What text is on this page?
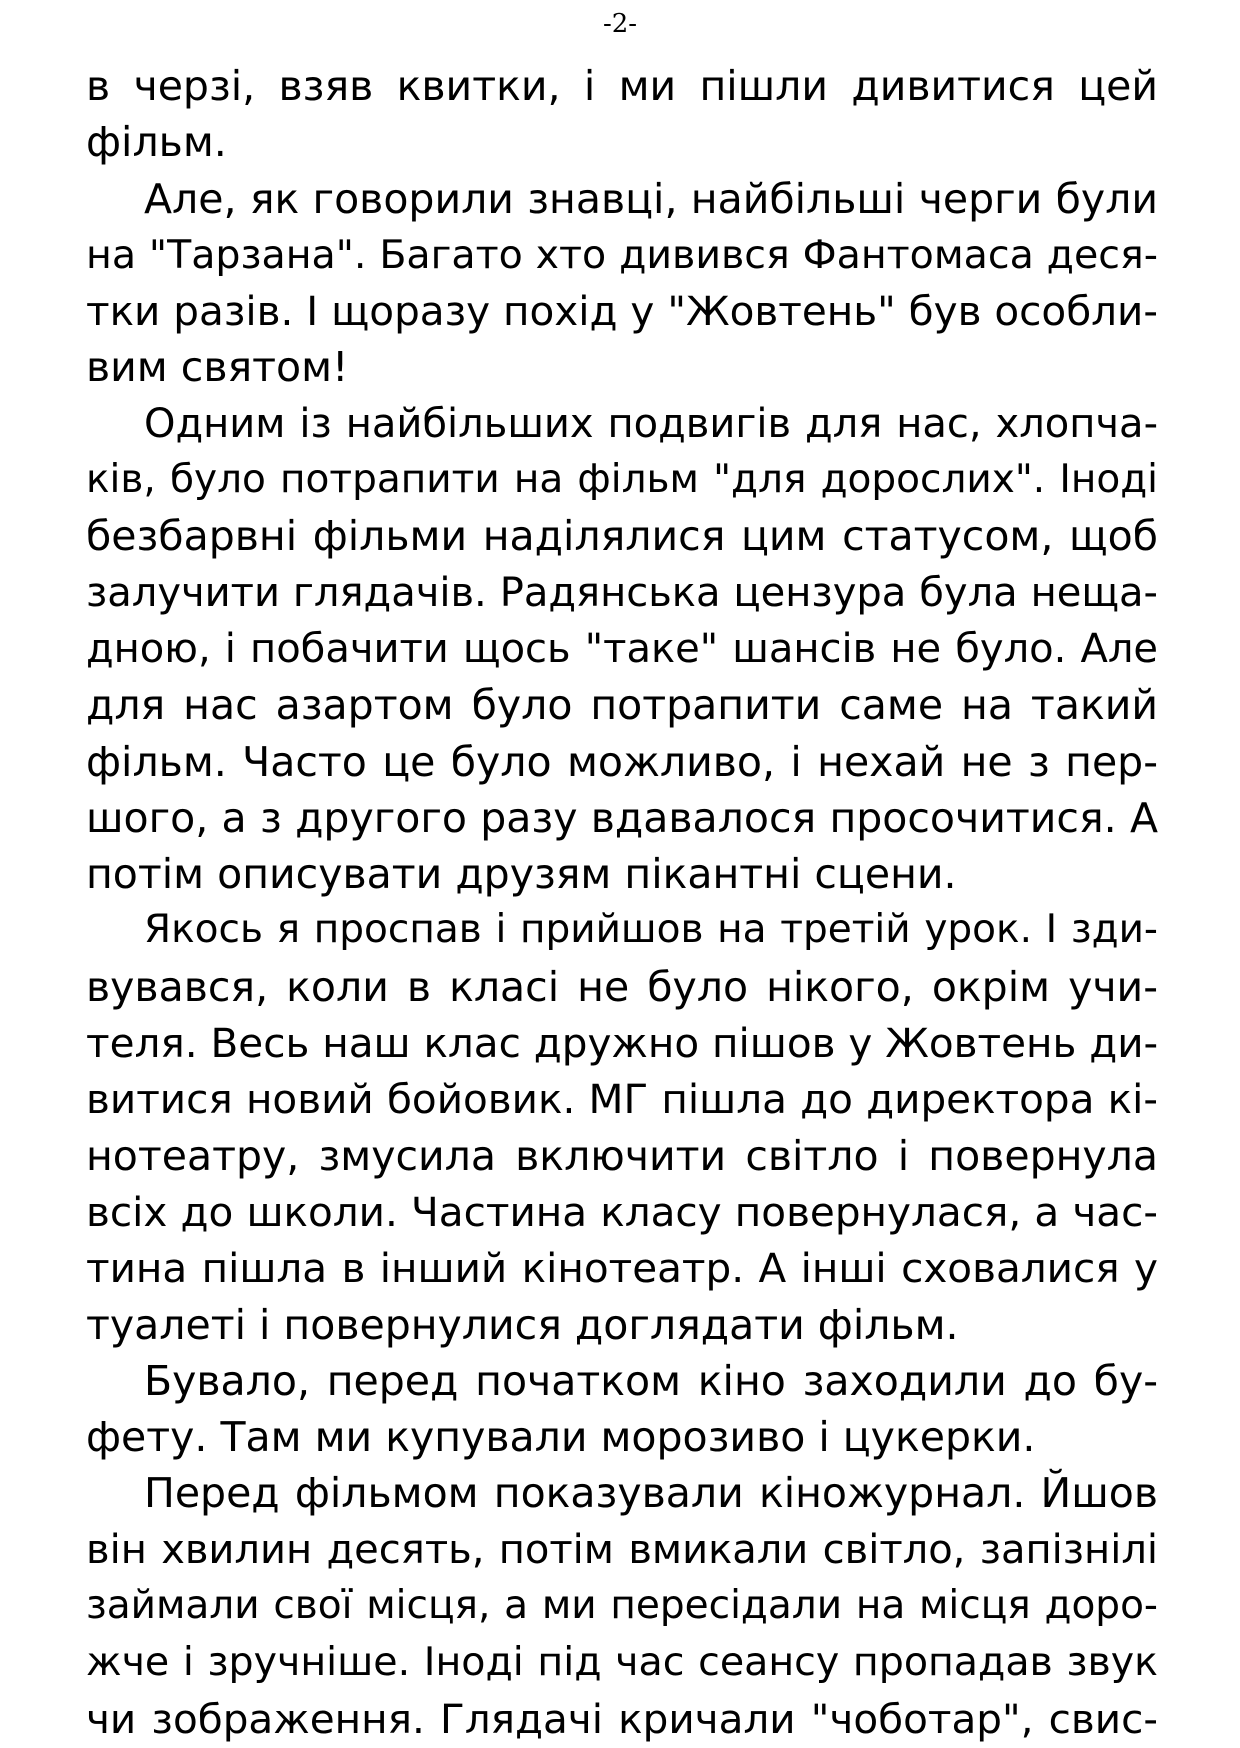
-2-
в черзі, взяв квитки, і ми пішли дивитися цей
фільм.
Але, як говорили знавці, найбільші черги були
на "Тарзана". Багато хто дивився Фантомаса деся-
тки разів. І щоразу похід у "Жовтень" був особли-
вим святом!
Одним із найбільших подвигів для нас, хлопча-
ків, було потрапити на фільм "для дорослих". Іноді
безбарвні фільми наділялися цим статусом, щоб
залучити глядачів. Радянська цензура була неща-
дною, і побачити щось "таке" шансів не було. Але
для нас азартом було потрапити саме на такий
фільм. Часто це було можливо, і нехай не з пер-
шого, а з другого разу вдавалося просочитися. А
потім описувати друзям пікантні сцени.
Якось я проспав і прийшов на третій урок. І зди-
вувався, коли в класі не було нікого, окрім учи-
теля. Весь наш клас дружно пішов у Жовтень ди-
витися новий бойовик. МГ пішла до директора кі-
нотеатру, змусила включити світло і повернула
всіх до школи. Частина класу повернулася, а час-
тина пішла в інший кінотеатр. А інші сховалися у
туалеті і повернулися доглядати фільм.
Бувало, перед початком кіно заходили до бу-
фету. Там ми купували морозиво і цукерки.
Перед фільмом показували кіножурнал. Йшов
він хвилин десять, потім вмикали світло, запізнілі
займали свої місця, а ми пересідали на місця доро-
жче і зручніше. Іноді під час сеансу пропадав звук
чи зображення. Глядачі кричали "чоботар", свис-
